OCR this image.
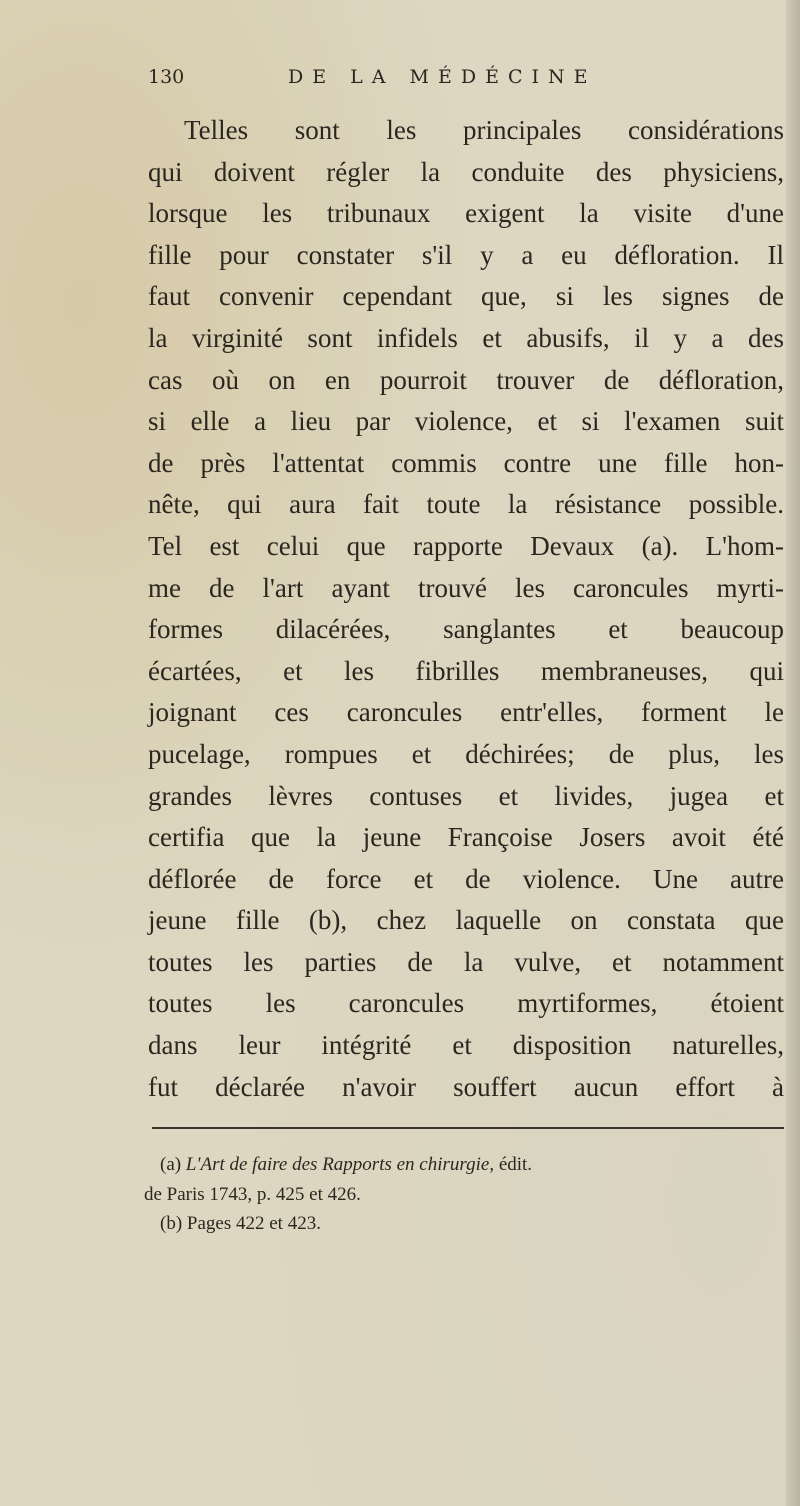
130	DE LA MÉDÉCINE
Telles sont les principales considérations
qui doivent régler la conduite des physiciens,
lorsque les tribunaux exigent la visite d'une
fille pour constater s'il y a eu défloration. Il
faut convenir cependant que, si les signes de
la virginité sont infidels et abusifs, il y a des
cas où on en pourroit trouver de défloration,
si elle a lieu par violence, et si l'examen suit
de près l'attentat commis contre une fille hon-
nête, qui aura fait toute la résistance possible.
Tel est celui que rapporte Devaux (a). L'hom-
me de l'art ayant trouvé les caroncules myrti-
formes dilacérées, sanglantes et beaucoup
écartées, et les fibrilles membraneuses, qui
joignant ces caroncules entr'elles, forment le
pucelage, rompues et déchirées; de plus, les
grandes lèvres contuses et livides, jugea et
certifia que la jeune Françoise Josers avoit été
déflorée de force et de violence. Une autre
jeune fille (b), chez laquelle on constata que
toutes les parties de la vulve, et notamment
toutes les caroncules myrtiformes, étoient
dans leur intégrité et disposition naturelles,
fut déclarée n'avoir souffert aucun effort à
(a) L'Art de faire des Rapports en chirurgie, édit.
de Paris 1743, p. 425 et 426.
(b) Pages 422 et 423.
